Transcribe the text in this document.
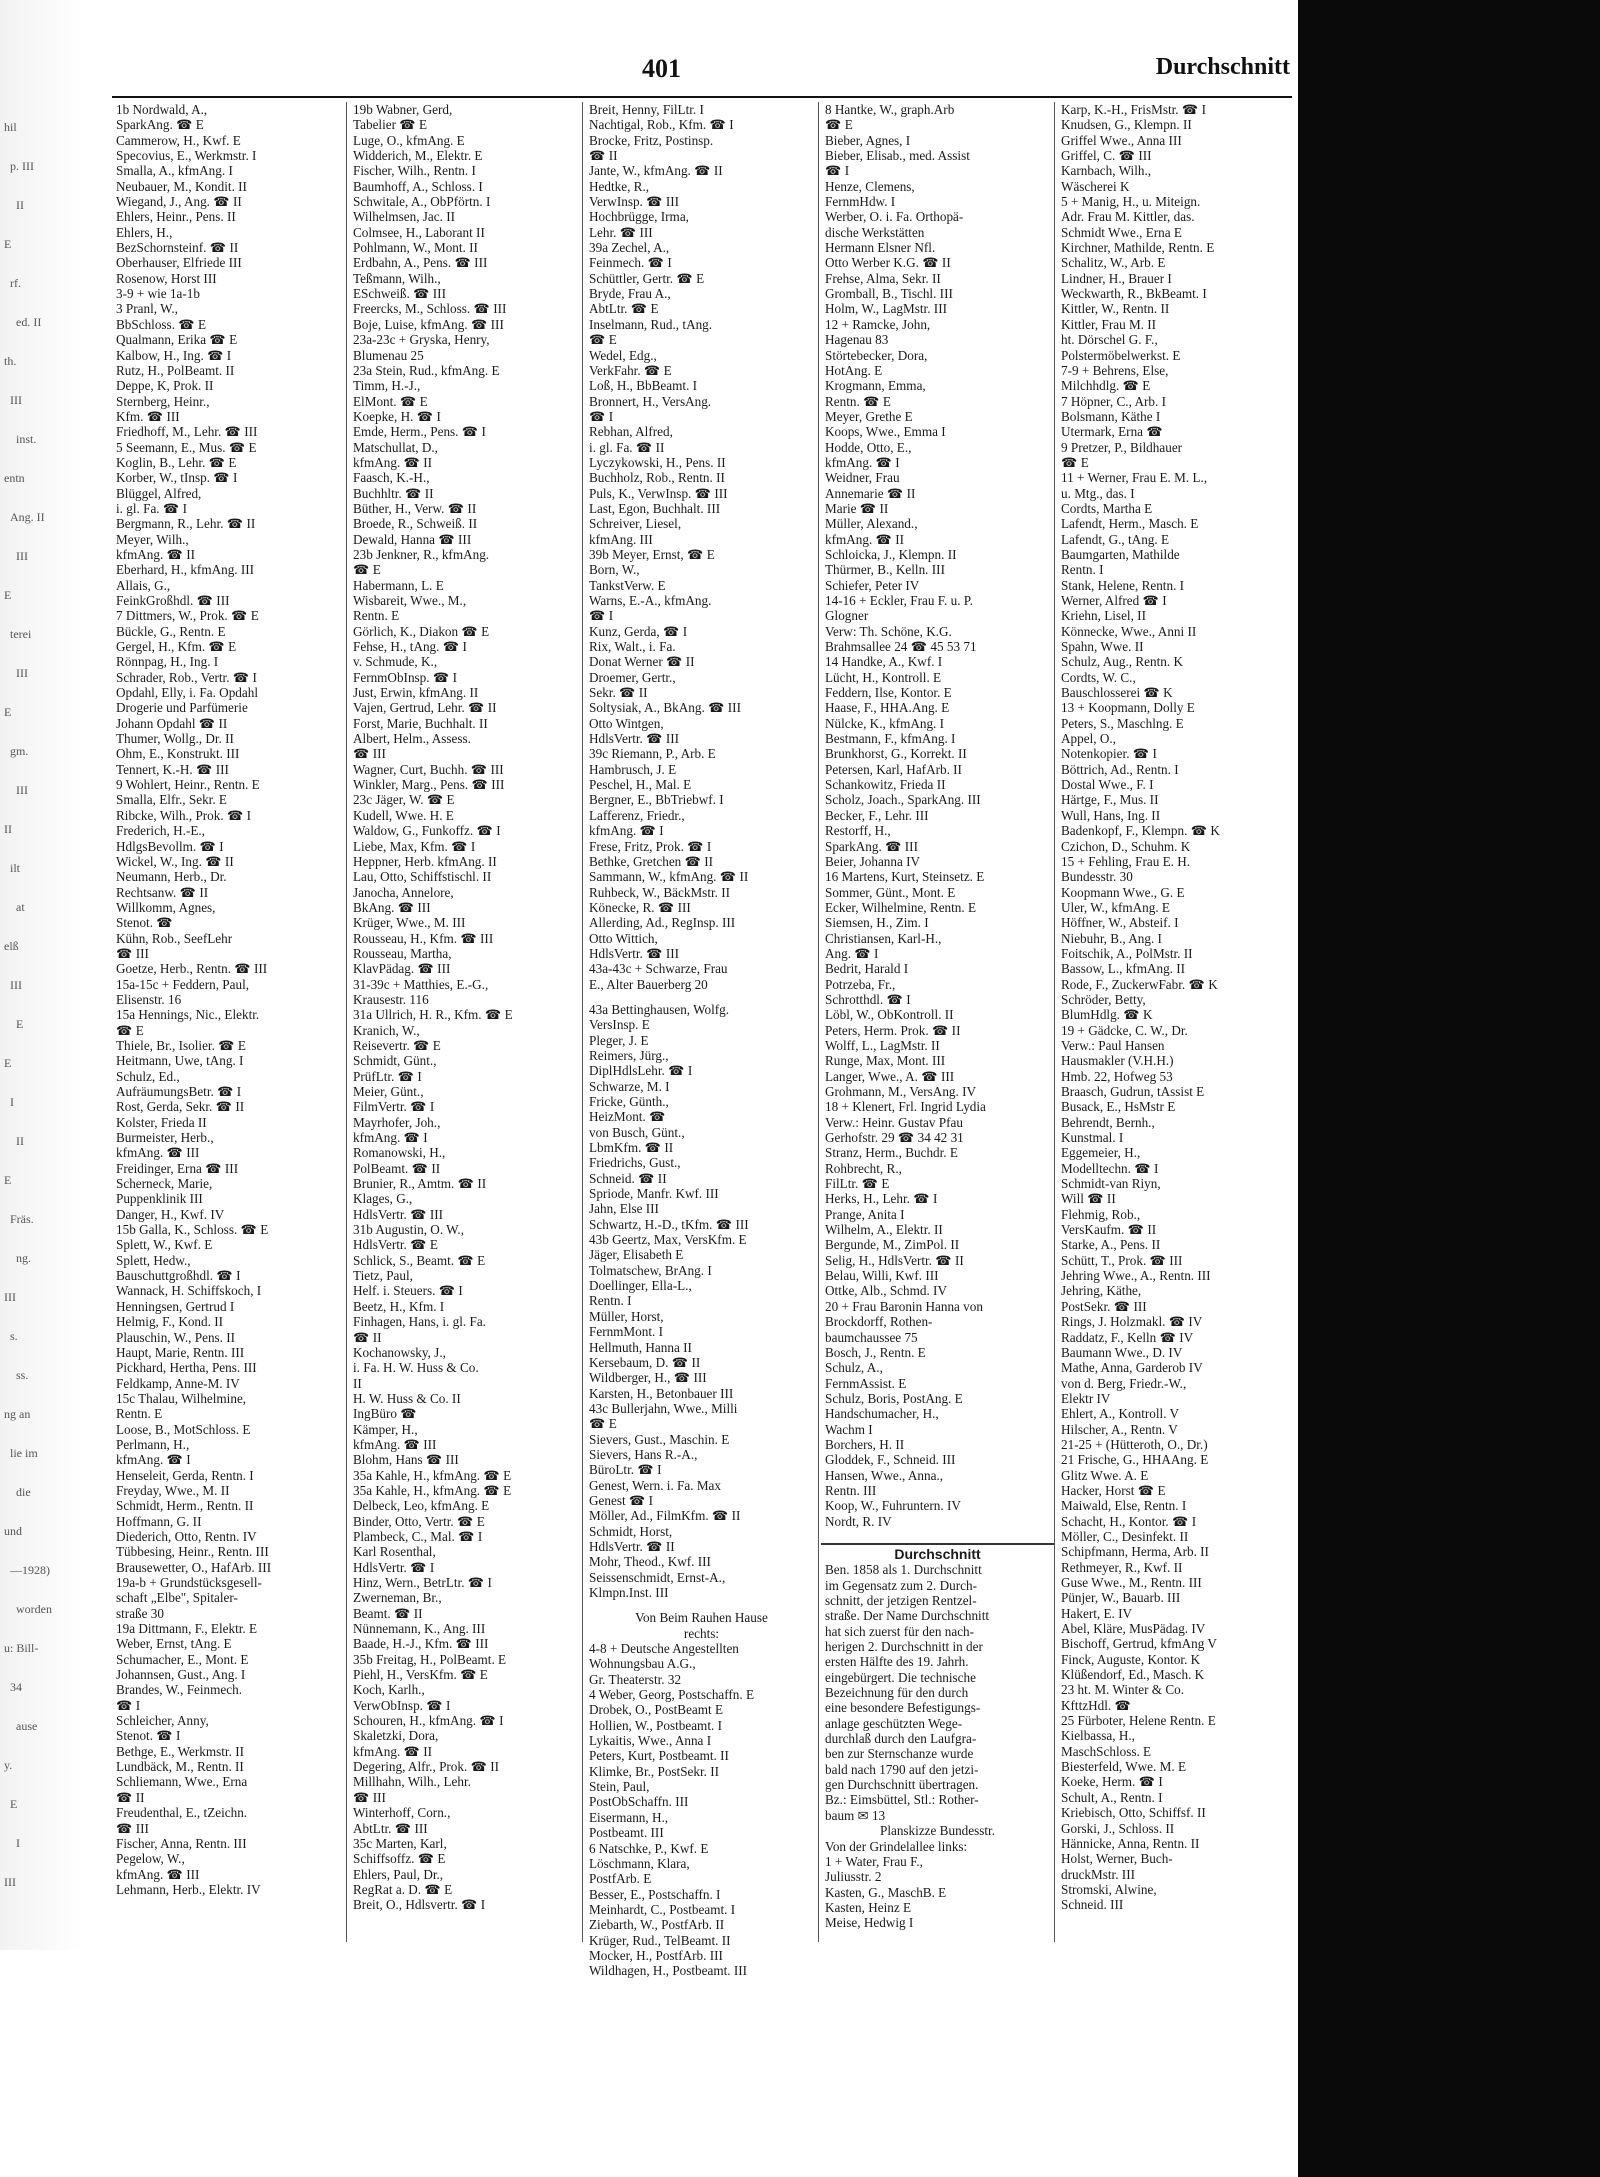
hil
p. III
II
E
rf.
ed. II
th.
III
inst.
entn
Ang. II
III
E
terei
III
E
gm.
III
II
ilt
at
elß
III
E
E
I
II
E
Fräs.
ng.
III
s.
ss.
ng an
lie im
die
und
—1928)
worden
u: Bill-
34
ause
y.
E
I
III
401	Durchschnitt
1b Nordwald, A.,
SparkAng. ☎ E
Cammerow, H., Kwf. E
Specovius, E., Werkmstr. I
Smalla, A., kfmAng. I
Neubauer, M., Kondit. II
Wiegand, J., Ang. ☎ II
Ehlers, Heinr., Pens. II
Ehlers, H.,
BezSchornsteinf. ☎ II
Oberhauser, Elfriede III
Rosenow, Horst III
3-9 + wie 1a-1b
3 Pranl, W.,
BbSchloss. ☎ E
Qualmann, Erika ☎ E
Kalbow, H., Ing. ☎ I
Rutz, H., PolBeamt. II
Deppe, K, Prok. II
Sternberg, Heinr.,
Kfm. ☎ III
Friedhoff, M., Lehr. ☎ III
5 Seemann, E., Mus. ☎ E
Koglin, B., Lehr. ☎ E
Korber, W., tInsp. ☎ I
Blüggel, Alfred,
i. gl. Fa. ☎ I
Bergmann, R., Lehr. ☎ II
Meyer, Wilh.,
kfmAng. ☎ II
Eberhard, H., kfmAng. III
Allais, G.,
FeinkGroßhdl. ☎ III
7 Dittmers, W., Prok. ☎ E
Bückle, G., Rentn. E
Gergel, H., Kfm. ☎ E
Rönnpag, H., Ing. I
Schrader, Rob., Vertr. ☎ I
Opdahl, Elly, i. Fa. Opdahl
Drogerie und Parfümerie
Johann Opdahl ☎ II
Thumer, Wollg., Dr. II
Ohm, E., Konstrukt. III
Tennert, K.-H. ☎ III
9 Wohlert, Heinr., Rentn. E
Smalla, Elfr., Sekr. E
Ribcke, Wilh., Prok. ☎ I
Frederich, H.-E.,
HdlgsBevollm. ☎ I
Wickel, W., Ing. ☎ II
Neumann, Herb., Dr.
Rechtsanw. ☎ II
Willkomm, Agnes,
Stenot. ☎
Kühn, Rob., SeefLehr
☎ III
Goetze, Herb., Rentn. ☎ III
15a-15c + Feddern, Paul,
Elisenstr. 16
15a Hennings, Nic., Elektr.
☎ E
Thiele, Br., Isolier. ☎ E
Heitmann, Uwe, tAng. I
Schulz, Ed.,
AufräumungsBetr. ☎ I
Rost, Gerda, Sekr. ☎ II
Kolster, Frieda II
Burmeister, Herb.,
kfmAng. ☎ III
Freidinger, Erna ☎ III
Scherneck, Marie,
Puppenklinik III
Danger, H., Kwf. IV
15b Galla, K., Schloss. ☎ E
Splett, W., Kwf. E
Splett, Hedw.,
Bauschuttgroßhdl. ☎ I
Wannack, H. Schiffskoch, I
Henningsen, Gertrud I
Helmig, F., Kond. II
Plauschin, W., Pens. II
Haupt, Marie, Rentn. III
Pickhard, Hertha, Pens. III
Feldkamp, Anne-M. IV
15c Thalau, Wilhelmine,
Rentn. E
Loose, B., MotSchloss. E
Perlmann, H.,
kfmAng. ☎ I
Henseleit, Gerda, Rentn. I
Freyday, Wwe., M. II
Schmidt, Herm., Rentn. II
Hoffmann, G. II
Diederich, Otto, Rentn. IV
Tübbesing, Heinr., Rentn. III
Brausewetter, O., HafArb. III
19a-b + Grundstücksgesell-
schaft „Elbe", Spitaler-
straße 30
19a Dittmann, F., Elektr. E
Weber, Ernst, tAng. E
Schumacher, E., Mont. E
Johannsen, Gust., Ang. I
Brandes, W., Feinmech.
☎ I
Schleicher, Anny,
Stenot. ☎ I
Bethge, E., Werkmstr. II
Lundbäck, M., Rentn. II
Schliemann, Wwe., Erna
☎ II
Freudenthal, E., tZeichn.
☎ III
Fischer, Anna, Rentn. III
Pegelow, W.,
kfmAng. ☎ III
Lehmann, Herb., Elektr. IV
19b Wabner, Gerd,
Tabelier ☎ E
Luge, O., kfmAng. E
Widderich, M., Elektr. E
Fischer, Wilh., Rentn. I
Baumhoff, A., Schloss. I
Schwitale, A., ObPförtn. I
Wilhelmsen, Jac. II
Colmsee, H., Laborant II
Pohlmann, W., Mont. II
Erdbahn, A., Pens. ☎ III
Teßmann, Wilh.,
ESchweiß. ☎ III
Freercks, M., Schloss. ☎ III
Boje, Luise, kfmAng. ☎ III
23a-23c + Gryska, Henry,
Blumenau 25
23a Stein, Rud., kfmAng. E
Timm, H.-J.,
ElMont. ☎ E
Koepke, H. ☎ I
Emde, Herm., Pens. ☎ I
Matschullat, D.,
kfmAng. ☎ II
Faasch, K.-H.,
Buchhltr. ☎ II
Büther, H., Verw. ☎ II
Broede, R., Schweiß. II
Dewald, Hanna ☎ III
23b Jenkner, R., kfmAng.
☎ E
Habermann, L. E
Wisbareit, Wwe., M.,
Rentn. E
Görlich, K., Diakon ☎ E
Fehse, H., tAng. ☎ I
v. Schmude, K.,
FernmObInsp. ☎ I
Just, Erwin, kfmAng. II
Vajen, Gertrud, Lehr. ☎ II
Forst, Marie, Buchhalt. II
Albert, Helm., Assess.
☎ III
Wagner, Curt, Buchh. ☎ III
Winkler, Marg., Pens. ☎ III
23c Jäger, W. ☎ E
Kudell, Wwe. H. E
Waldow, G., Funkoffz. ☎ I
Liebe, Max, Kfm. ☎ I
Heppner, Herb. kfmAng. II
Lau, Otto, Schiffstischl. II
Janocha, Annelore,
BkAng. ☎ III
Krüger, Wwe., M. III
Rousseau, H., Kfm. ☎ III
Rousseau, Martha,
KlavPädag. ☎ III
31-39c + Matthies, E.-G.,
Krausestr. 116
31a Ullrich, H. R., Kfm. ☎ E
Kranich, W.,
Reisevertr. ☎ E
Schmidt, Günt.,
PrüfLtr. ☎ I
Meier, Günt.,
FilmVertr. ☎ I
Mayrhofer, Joh.,
kfmAng. ☎ I
Romanowski, H.,
PolBeamt. ☎ II
Brunier, R., Amtm. ☎ II
Klages, G.,
HdlsVertr. ☎ III
31b Augustin, O. W.,
HdlsVertr. ☎ E
Schlick, S., Beamt. ☎ E
Tietz, Paul,
Helf. i. Steuers. ☎ I
Beetz, H., Kfm. I
Finhagen, Hans, i. gl. Fa.
☎ II
Kochanowsky, J.,
i. Fa. H. W. Huss & Co.
II
H. W. Huss & Co. II
IngBüro ☎
Kämper, H.,
kfmAng. ☎ III
Blohm, Hans ☎ III
35a Kahle, H., kfmAng. ☎ E
35a Kahle, H., kfmAng. ☎ E
Delbeck, Leo, kfmAng. E
Binder, Otto, Vertr. ☎ E
Plambeck, C., Mal. ☎ I
Karl Rosenthal,
HdlsVertr. ☎ I
Hinz, Wern., BetrLtr. ☎ I
Zwerneman, Br.,
Beamt. ☎ II
Nünnemann, K., Ang. III
Baade, H.-J., Kfm. ☎ III
35b Freitag, H., PolBeamt. E
Piehl, H., VersKfm. ☎ E
Koch, Karlh.,
VerwObInsp. ☎ I
Schouren, H., kfmAng. ☎ I
Skaletzki, Dora,
kfmAng. ☎ II
Degering, Alfr., Prok. ☎ II
Millhahn, Wilh., Lehr.
☎ III
Winterhoff, Corn.,
AbtLtr. ☎ III
35c Marten, Karl,
Schiffsoffz. ☎ E
Ehlers, Paul, Dr.,
RegRat a. D. ☎ E
Breit, O., Hdlsvertr. ☎ I
Breit, Henny, FilLtr. I
Nachtigal, Rob., Kfm. ☎ I
Brocke, Fritz, Postinsp.
☎ II
Jante, W., kfmAng. ☎ II
Hedtke, R.,
VerwInsp. ☎ III
Hochbrügge, Irma,
Lehr. ☎ III
39a Zechel, A.,
Feinmech. ☎ I
Schüttler, Gertr. ☎ E
Bryde, Frau A.,
AbtLtr. ☎ E
Inselmann, Rud., tAng.
☎ E
Wedel, Edg.,
VerkFahr. ☎ E
Loß, H., BbBeamt. I
Bronnert, H., VersAng.
☎ I
Rebhan, Alfred,
i. gl. Fa. ☎ II
Lyczykowski, H., Pens. II
Buchholz, Rob., Rentn. II
Puls, K., VerwInsp. ☎ III
Last, Egon, Buchhalt. III
Schreiver, Liesel,
kfmAng. III
39b Meyer, Ernst, ☎ E
Born, W.,
TankstVerw. E
Warns, E.-A., kfmAng.
☎ I
Kunz, Gerda, ☎ I
Rix, Walt., i. Fa.
Donat Werner ☎ II
Droemer, Gertr.,
Sekr. ☎ II
Soltysiak, A., BkAng. ☎ III
Otto Wintgen,
HdlsVertr. ☎ III
39c Riemann, P., Arb. E
Hambrusch, J. E
Peschel, H., Mal. E
Bergner, E., BbTriebwf. I
Lafferenz, Friedr.,
kfmAng. ☎ I
Frese, Fritz, Prok. ☎ I
Bethke, Gretchen ☎ II
Sammann, W., kfmAng. ☎ II
Ruhbeck, W., BäckMstr. II
Könecke, R. ☎ III
Allerding, Ad., RegInsp. III
Otto Wittich,
HdlsVertr. ☎ III
43a-43c + Schwarze, Frau
E., Alter Bauerberg 20
43a Bettinghausen, Wolfg.
VersInsp. E
Pleger, J. E
Reimers, Jürg.,
DiplHdlsLehr. ☎ I
Schwarze, M. I
Fricke, Günth.,
HeizMont. ☎
von Busch, Günt.,
LbmKfm. ☎ II
Friedrichs, Gust.,
Schneid. ☎ II
Spriode, Manfr. Kwf. III
Jahn, Else III
Schwartz, H.-D., tKfm. ☎ III
43b Geertz, Max, VersKfm. E
Jäger, Elisabeth E
Tolmatschew, BrAng. I
Doellinger, Ella-L.,
Rentn. I
Müller, Horst,
FernmMont. I
Hellmuth, Hanna II
Kersebaum, D. ☎ II
Wildberger, H., ☎ III
Karsten, H., Betonbauer III
43c Bullerjahn, Wwe., Milli
☎ E
Sievers, Gust., Maschin. E
Sievers, Hans R.-A.,
BüroLtr. ☎ I
Genest, Wern. i. Fa. Max
Genest ☎ I
Möller, Ad., FilmKfm. ☎ II
Schmidt, Horst,
HdlsVertr. ☎ II
Mohr, Theod., Kwf. III
Seissenschmidt, Ernst-A.,
Klmpn.Inst. III
Von Beim Rauhen Hause
rechts:
4-8 + Deutsche Angestellten
Wohnungsbau A.G.,
Gr. Theaterstr. 32
4 Weber, Georg, Postschaffn. E
Drobek, O., PostBeamt E
Hollien, W., Postbeamt. I
Lykaitis, Wwe., Anna I
Peters, Kurt, Postbeamt. II
Klimke, Br., PostSekr. II
Stein, Paul,
PostObSchaffn. III
Eisermann, H.,
Postbeamt. III
6 Natschke, P., Kwf. E
Löschmann, Klara,
PostfArb. E
Besser, E., Postschaffn. I
Meinhardt, C., Postbeamt. I
Ziebarth, W., PostfArb. II
Krüger, Rud., TelBeamt. II
Mocker, H., PostfArb. III
Wildhagen, H., Postbeamt. III
8 Hantke, W., graph.Arb
☎ E
Bieber, Agnes, I
Bieber, Elisab., med. Assist
☎ I
Henze, Clemens,
FernmHdw. I
Werber, O. i. Fa. Orthopä-
dische Werkstätten
Hermann Elsner Nfl.
Otto Werber K.G. ☎ II
Frehse, Alma, Sekr. II
Gromball, B., Tischl. III
Holm, W., LagMstr. III
12 + Ramcke, John,
Hagenau 83
Störtebecker, Dora,
HotAng. E
Krogmann, Emma,
Rentn. ☎ E
Meyer, Grethe E
Koops, Wwe., Emma I
Hodde, Otto, E.,
kfmAng. ☎ I
Weidner, Frau
Annemarie ☎ II
Marie ☎ II
Müller, Alexand.,
kfmAng. ☎ II
Schloicka, J., Klempn. II
Thürmer, B., Kelln. III
Schiefer, Peter IV
14-16 + Eckler, Frau F. u. P.
Glogner
Verw: Th. Schöne, K.G.
Brahmsallee 24 ☎ 45 53 71
14 Handke, A., Kwf. I
Lücht, H., Kontroll. E
Feddern, Ilse, Kontor. E
Haase, F., HHA.Ang. E
Nülcke, K., kfmAng. I
Bestmann, F., kfmAng. I
Brunkhorst, G., Korrekt. II
Petersen, Karl, HafArb. II
Schankowitz, Frieda II
Scholz, Joach., SparkAng. III
Becker, F., Lehr. III
Restorff, H.,
SparkAng. ☎ III
Beier, Johanna IV
16 Martens, Kurt, Steinsetz. E
Sommer, Günt., Mont. E
Ecker, Wilhelmine, Rentn. E
Siemsen, H., Zim. I
Christiansen, Karl-H.,
Ang. ☎ I
Bedrit, Harald I
Potrzeba, Fr.,
Schrotthdl. ☎ I
Löbl, W., ObKontroll. II
Peters, Herm. Prok. ☎ II
Wolff, L., LagMstr. II
Runge, Max, Mont. III
Langer, Wwe., A. ☎ III
Grohmann, M., VersAng. IV
18 + Klenert, Frl. Ingrid Lydia
Verw.: Heinr. Gustav Pfau
Gerhofstr. 29 ☎ 34 42 31
Stranz, Herm., Buchdr. E
Rohbrecht, R.,
FilLtr. ☎ E
Herks, H., Lehr. ☎ I
Prange, Anita I
Wilhelm, A., Elektr. II
Bergunde, M., ZimPol. II
Selig, H., HdlsVertr. ☎ II
Belau, Willi, Kwf. III
Ottke, Alb., Schmd. IV
20 + Frau Baronin Hanna von
Brockdorff, Rothen-
baumchaussee 75
Bosch, J., Rentn. E
Schulz, A.,
FernmAssist. E
Schulz, Boris, PostAng. E
Handschumacher, H.,
Wachm I
Borchers, H. II
Gloddek, F., Schneid. III
Hansen, Wwe., Anna.,
Rentn. III
Koop, W., Fuhruntern. IV
Nordt, R. IV
Durchschnitt
Ben. 1858 als 1. Durchschnitt
im Gegensatz zum 2. Durch-
schnitt, der jetzigen Rentzel-
straße. Der Name Durchschnitt
hat sich zuerst für den nach-
herigen 2. Durchschnitt in der
ersten Hälfte des 19. Jahrh.
eingebürgert. Die technische
Bezeichnung für den durch
eine besondere Befestigungs-
anlage geschützten Wege-
durchlaß durch den Laufgra-
ben zur Sternschanze wurde
bald nach 1790 auf den jetzi-
gen Durchschnitt übertragen.
Bz.: Eimsbüttel, Stl.: Rother-
baum ✉ 13
Planskizze Bundesstr.
Von der Grindelallee links:
1 + Water, Frau F.,
Juliusstr. 2
Kasten, G., MaschB. E
Kasten, Heinz E
Meise, Hedwig I
Karp, K.-H., FrisMstr. ☎ I
Knudsen, G., Klempn. II
Griffel Wwe., Anna III
Griffel, C. ☎ III
Karnbach, Wilh.,
Wäscherei K
5 + Manig, H., u. Miteign.
Adr. Frau M. Kittler, das.
Schmidt Wwe., Erna E
Kirchner, Mathilde, Rentn. E
Schalitz, W., Arb. E
Lindner, H., Brauer I
Weckwarth, R., BkBeamt. I
Kittler, W., Rentn. II
Kittler, Frau M. II
ht. Dörschel G. F.,
Polstermöbelwerkst. E
7-9 + Behrens, Else,
Milchhdlg. ☎ E
7 Höpner, C., Arb. I
Bolsmann, Käthe I
Utermark, Erna ☎
9 Pretzer, P., Bildhauer
☎ E
11 + Werner, Frau E. M. L.,
u. Mtg., das. I
Cordts, Martha E
Lafendt, Herm., Masch. E
Lafendt, G., tAng. E
Baumgarten, Mathilde
Rentn. I
Stank, Helene, Rentn. I
Werner, Alfred ☎ I
Kriehn, Lisel, II
Könnecke, Wwe., Anni II
Spahn, Wwe. II
Schulz, Aug., Rentn. K
Cordts, W. C.,
Bauschlosserei ☎ K
13 + Koopmann, Dolly E
Peters, S., Maschlng. E
Appel, O.,
Notenkopier. ☎ I
Böttrich, Ad., Rentn. I
Dostal Wwe., F. I
Härtge, F., Mus. II
Wull, Hans, Ing. II
Badenkopf, F., Klempn. ☎ K
Czichon, D., Schuhm. K
15 + Fehling, Frau E. H.
Bundesstr. 30
Koopmann Wwe., G. E
Uler, W., kfmAng. E
Höffner, W., Absteif. I
Niebuhr, B., Ang. I
Foitschik, A., PolMstr. II
Bassow, L., kfmAng. II
Rode, F., ZuckerwFabr. ☎ K
Schröder, Betty,
BlumHdlg. ☎ K
19 + Gädcke, C. W., Dr.
Verw.: Paul Hansen
Hausmakler (V.H.H.)
Hmb. 22, Hofweg 53
Braasch, Gudrun, tAssist E
Busack, E., HsMstr E
Behrendt, Bernh.,
Kunstmal. I
Eggemeier, H.,
Modelltechn. ☎ I
Schmidt-van Riyn,
Will ☎ II
Flehmig, Rob.,
VersKaufm. ☎ II
Starke, A., Pens. II
Schütt, T., Prok. ☎ III
Jehring Wwe., A., Rentn. III
Jehring, Käthe,
PostSekr. ☎ III
Rings, J. Holzmakl. ☎ IV
Raddatz, F., Kelln ☎ IV
Baumann Wwe., D. IV
Mathe, Anna, Garderob IV
von d. Berg, Friedr.-W.,
Elektr IV
Ehlert, A., Kontroll. V
Hilscher, A., Rentn. V
21-25 + (Hütteroth, O., Dr.)
21 Frische, G., HHAAng. E
Glitz Wwe. A. E
Hacker, Horst ☎ E
Maiwald, Else, Rentn. I
Schacht, H., Kontor. ☎ I
Möller, C., Desinfekt. II
Schipfmann, Herma, Arb. II
Rethmeyer, R., Kwf. II
Guse Wwe., M., Rentn. III
Pünjer, W., Bauarb. III
Hakert, E. IV
Abel, Kläre, MusPädag. IV
Bischoff, Gertrud, kfmAng V
Finck, Auguste, Kontor. K
Klüßendorf, Ed., Masch. K
23 ht. M. Winter & Co.
KfttzHdl. ☎
25 Fürboter, Helene Rentn. E
Kielbassa, H.,
MaschSchloss. E
Biesterfeld, Wwe. M. E
Koeke, Herm. ☎ I
Schult, A., Rentn. I
Kriebisch, Otto, Schiffsf. II
Gorski, J., Schloss. II
Hännicke, Anna, Rentn. II
Holst, Werner, Buch-
druckMstr. III
Stromski, Alwine,
Schneid. III
